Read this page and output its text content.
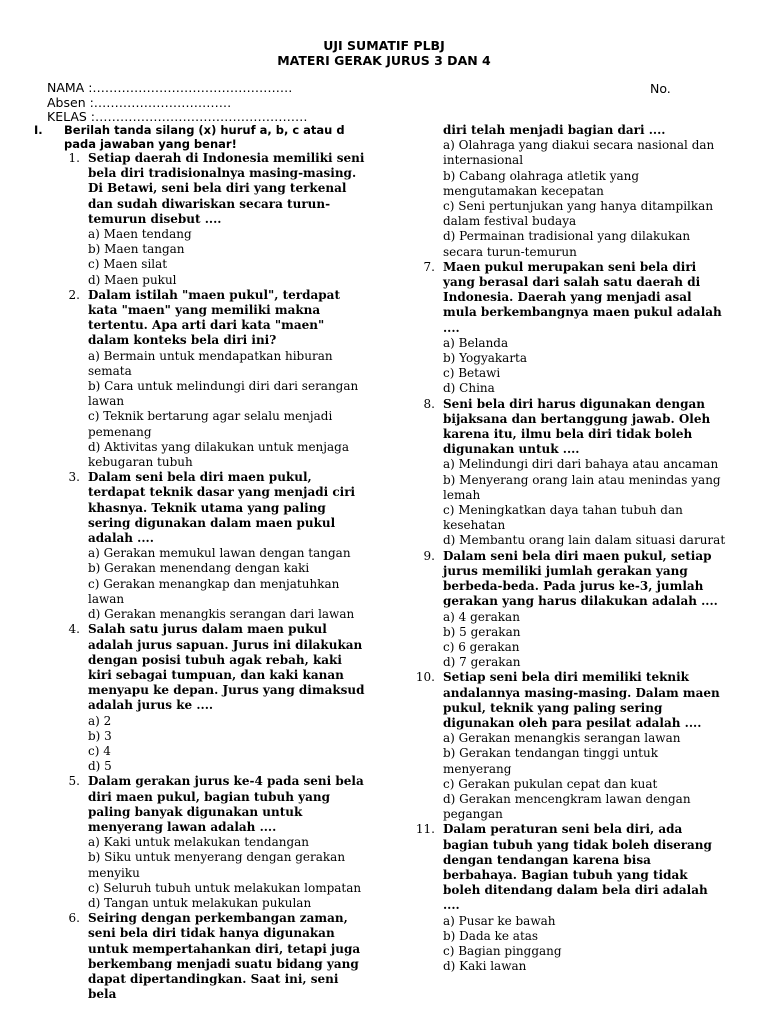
UJI SUMATIF PLBJ
MATERI GERAK JURUS 3 DAN 4
NAMA :…………………………………………
Absen :……………………………
KELAS :……………………………………………
No.
I.	Berilah tanda silang (x) huruf a, b, c atau d pada jawaban yang benar!
1. Setiap daerah di Indonesia memiliki seni bela diri tradisionalnya masing-masing. Di Betawi, seni bela diri yang terkenal dan sudah diwariskan secara turun-temurun disebut ....
a) Maen tendang
b) Maen tangan
c) Maen silat
d) Maen pukul
2. Dalam istilah "maen pukul", terdapat kata "maen" yang memiliki makna tertentu. Apa arti dari kata "maen" dalam konteks bela diri ini?
a) Bermain untuk mendapatkan hiburan semata
b) Cara untuk melindungi diri dari serangan lawan
c) Teknik bertarung agar selalu menjadi pemenang
d) Aktivitas yang dilakukan untuk menjaga kebugaran tubuh
3. Dalam seni bela diri maen pukul, terdapat teknik dasar yang menjadi ciri khasnya. Teknik utama yang paling sering digunakan dalam maen pukul adalah ....
a) Gerakan memukul lawan dengan tangan
b) Gerakan menendang dengan kaki
c) Gerakan menangkap dan menjatuhkan lawan
d) Gerakan menangkis serangan dari lawan
4. Salah satu jurus dalam maen pukul adalah jurus sapuan. Jurus ini dilakukan dengan posisi tubuh agak rebah, kaki kiri sebagai tumpuan, dan kaki kanan menyapu ke depan. Jurus yang dimaksud adalah jurus ke ....
a) 2
b) 3
c) 4
d) 5
5. Dalam gerakan jurus ke-4 pada seni bela diri maen pukul, bagian tubuh yang paling banyak digunakan untuk menyerang lawan adalah ....
a) Kaki untuk melakukan tendangan
b) Siku untuk menyerang dengan gerakan menyiku
c) Seluruh tubuh untuk melakukan lompatan
d) Tangan untuk melakukan pukulan
6. Seiring dengan perkembangan zaman, seni bela diri tidak hanya digunakan untuk mempertahankan diri, tetapi juga berkembang menjadi suatu bidang yang dapat dipertandingkan. Saat ini, seni bela
diri telah menjadi bagian dari ....
a) Olahraga yang diakui secara nasional dan internasional
b) Cabang olahraga atletik yang mengutamakan kecepatan
c) Seni pertunjukan yang hanya ditampilkan dalam festival budaya
d) Permainan tradisional yang dilakukan secara turun-temurun
7. Maen pukul merupakan seni bela diri yang berasal dari salah satu daerah di Indonesia. Daerah yang menjadi asal mula berkembangnya maen pukul adalah ....
a) Belanda
b) Yogyakarta
c) Betawi
d) China
8. Seni bela diri harus digunakan dengan bijaksana dan bertanggung jawab. Oleh karena itu, ilmu bela diri tidak boleh digunakan untuk ....
a) Melindungi diri dari bahaya atau ancaman
b) Menyerang orang lain atau menindas yang lemah
c) Meningkatkan daya tahan tubuh dan kesehatan
d) Membantu orang lain dalam situasi darurat
9. Dalam seni bela diri maen pukul, setiap jurus memiliki jumlah gerakan yang berbeda-beda. Pada jurus ke-3, jumlah gerakan yang harus dilakukan adalah ....
a) 4 gerakan
b) 5 gerakan
c) 6 gerakan
d) 7 gerakan
10. Setiap seni bela diri memiliki teknik andalannya masing-masing. Dalam maen pukul, teknik yang paling sering digunakan oleh para pesilat adalah ....
a) Gerakan menangkis serangan lawan
b) Gerakan tendangan tinggi untuk menyerang
c) Gerakan pukulan cepat dan kuat
d) Gerakan mencengkram lawan dengan pegangan
11. Dalam peraturan seni bela diri, ada bagian tubuh yang tidak boleh diserang dengan tendangan karena bisa berbahaya. Bagian tubuh yang tidak boleh ditendang dalam bela diri adalah ....
a) Pusar ke bawah
b) Dada ke atas
c) Bagian pinggang
d) Kaki lawan
